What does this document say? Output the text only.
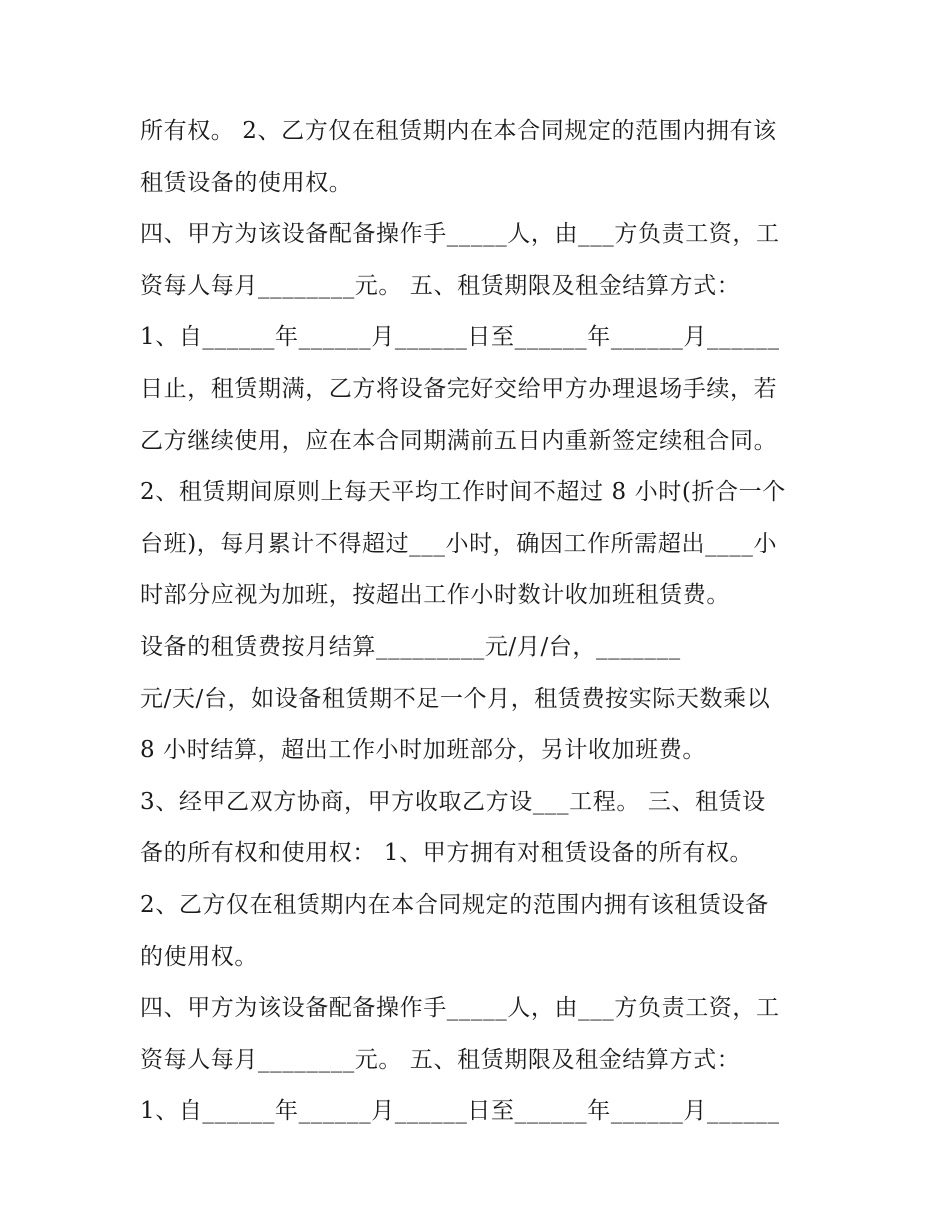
所有权。 2、乙方仅在租赁期内在本合同规定的范围内拥有该
租赁设备的使用权。
四、甲方为该设备配备操作手_____人，由___方负责工资，工
资每人每月________元。 五、租赁期限及租金结算方式：
1、自______年______月______日至______年______月______
日止，租赁期满，乙方将设备完好交给甲方办理退场手续，若
乙方继续使用，应在本合同期满前五日内重新签定续租合同。
2、租赁期间原则上每天平均工作时间不超过 8 小时(折合一个
台班)，每月累计不得超过___小时，确因工作所需超出____小
时部分应视为加班，按超出工作小时数计收加班租赁费。
设备的租赁费按月结算_________元/月/台，_______
元/天/台，如设备租赁期不足一个月，租赁费按实际天数乘以
8 小时结算，超出工作小时加班部分，另计收加班费。
3、经甲乙双方协商，甲方收取乙方设___工程。 三、租赁设
备的所有权和使用权： 1、甲方拥有对租赁设备的所有权。
2、乙方仅在租赁期内在本合同规定的范围内拥有该租赁设备
的使用权。
四、甲方为该设备配备操作手_____人，由___方负责工资，工
资每人每月________元。 五、租赁期限及租金结算方式：
1、自______年______月______日至______年______月______
